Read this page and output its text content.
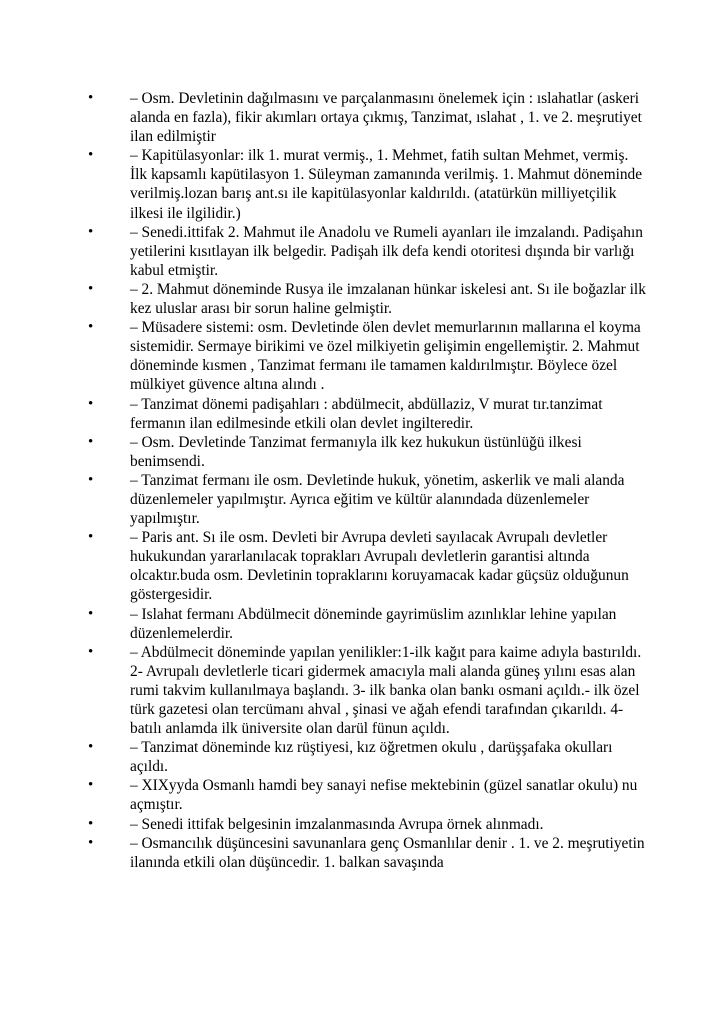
•	– Osm. Devletinin dağılmasını ve parçalanmasını önelemek için : ıslahatlar (askeri alanda en fazla), fikir akımları ortaya çıkmış, Tanzimat, ıslahat , 1. ve 2. meşrutiyet ilan edilmiştir
•	– Kapitülasyonlar: ilk 1. murat vermiş., 1. Mehmet, fatih sultan Mehmet, vermiş. İlk kapsamlı kapütilasyon 1. Süleyman zamanında verilmiş. 1. Mahmut döneminde verilmiş.lozan barış ant.sı ile kapitülasyonlar kaldırıldı. (atatürkün milliyetçilik ilkesi ile ilgilidir.)
•	– Senedi.ittifak 2. Mahmut ile Anadolu ve Rumeli ayanları ile imzalandı. Padişahın yetilerini kısıtlayan ilk belgedir. Padişah ilk defa kendi otoritesi dışında bir varlığı kabul etmiştir.
•	– 2. Mahmut döneminde Rusya ile imzalanan hünkar iskelesi ant. Sı ile boğazlar ilk kez uluslar arası bir sorun haline gelmiştir.
•	– Müsadere sistemi: osm. Devletinde ölen devlet memurlarının mallarına el koyma sistemidir. Sermaye birikimi ve özel milkiyetin gelişimin engellemiştir. 2. Mahmut döneminde kısmen , Tanzimat fermanı ile tamamen kaldırılmıştır. Böylece özel mülkiyet güvence altına alındı .
•	– Tanzimat dönemi padişahları : abdülmecit, abdüllaziz, V murat tır.tanzimat fermanın ilan edilmesinde etkili olan devlet ingilteredir.
•	– Osm. Devletinde Tanzimat fermanıyla ilk kez hukukun üstünlüğü ilkesi benimsendi.
•	– Tanzimat fermanı ile osm. Devletinde hukuk, yönetim, askerlik ve mali alanda düzenlemeler yapılmıştır. Ayrıca eğitim ve kültür alanındada düzenlemeler yapılmıştır.
•	– Paris ant. Sı ile osm. Devleti bir Avrupa devleti sayılacak Avrupalı devletler hukukundan yararlanılacak toprakları Avrupalı devletlerin garantisi altında olcaktır.buda osm. Devletinin topraklarını koruyamacak kadar güçsüz olduğunun göstergesidir.
•	– Islahat fermanı Abdülmecit döneminde gayrimüslim azınlıklar lehine yapılan düzenlemelerdir.
•	– Abdülmecit döneminde yapılan yenilikler:1-ilk kağıt para kaime adıyla bastırıldı. 2- Avrupalı devletlerle ticari gidermek amacıyla mali alanda güneş yılını esas alan rumi takvim kullanılmaya başlandı. 3- ilk banka olan bankı osmani açıldı.- ilk özel türk gazetesi olan tercümanı ahval , şinasi ve ağah efendi tarafından çıkarıldı. 4- batılı anlamda ilk üniversite olan darül fünun açıldı.
•	– Tanzimat döneminde kız rüştiyesi, kız öğretmen okulu , darüşşafaka okulları açıldı.
•	– XIXyyda Osmanlı hamdi bey sanayi nefise mektebinin (güzel sanatlar okulu) nu açmıştır.
•	– Senedi ittifak belgesinin imzalanmasında Avrupa örnek alınmadı.
•	– Osmancılık düşüncesini savunanlara genç Osmanlılar denir . 1. ve 2. meşrutiyetin ilanında etkili olan düşüncedir. 1. balkan savaşında
